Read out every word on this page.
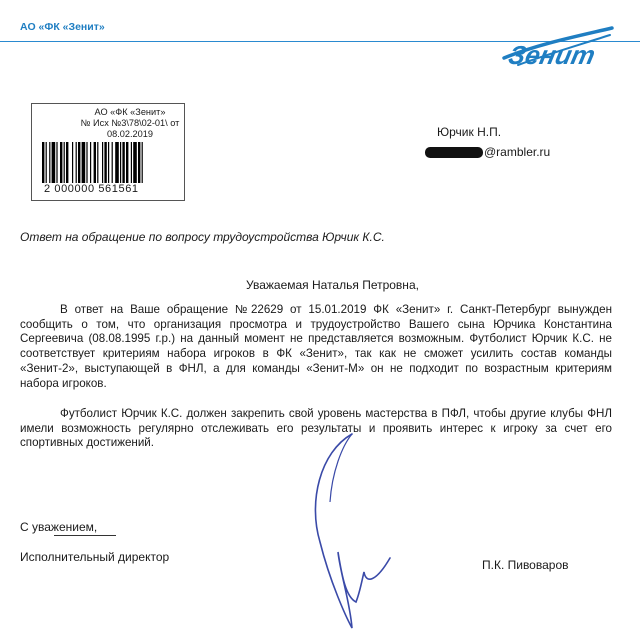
АО «ФК «Зенит»
Зенит
АО «ФК «Зенит»
№ Исх №3\78\02-01\ от
08.02.2019
2 000000 561561
Юрчик Н.П.
@rambler.ru
Ответ на обращение по вопросу трудоустройства Юрчик К.С.
Уважаемая Наталья Петровна,

В ответ на Ваше обращение №22629 от 15.01.2019 ФК «Зенит» г. Санкт-Петербург вынужден сообщить о том, что организация просмотра и трудоустройство Вашего сына Юрчика Константина Сергеевича (08.08.1995 г.р.) на данный момент не представляется возможным. Футболист Юрчик К.С. не соответствует критериям набора игроков в ФК «Зенит», так как не сможет усилить состав команды «Зенит-2», выступающей в ФНЛ, а для команды «Зенит-М» он не подходит по возрастным критериям набора игроков.

Футболист Юрчик К.С. должен закрепить свой уровень мастерства в ПФЛ, чтобы другие клубы ФНЛ имели возможность регулярно отслеживать его результаты и проявить интерес к игроку за счет его спортивных достижений.

С уважением,
Исполнительный директор
П.К. Пивоваров
